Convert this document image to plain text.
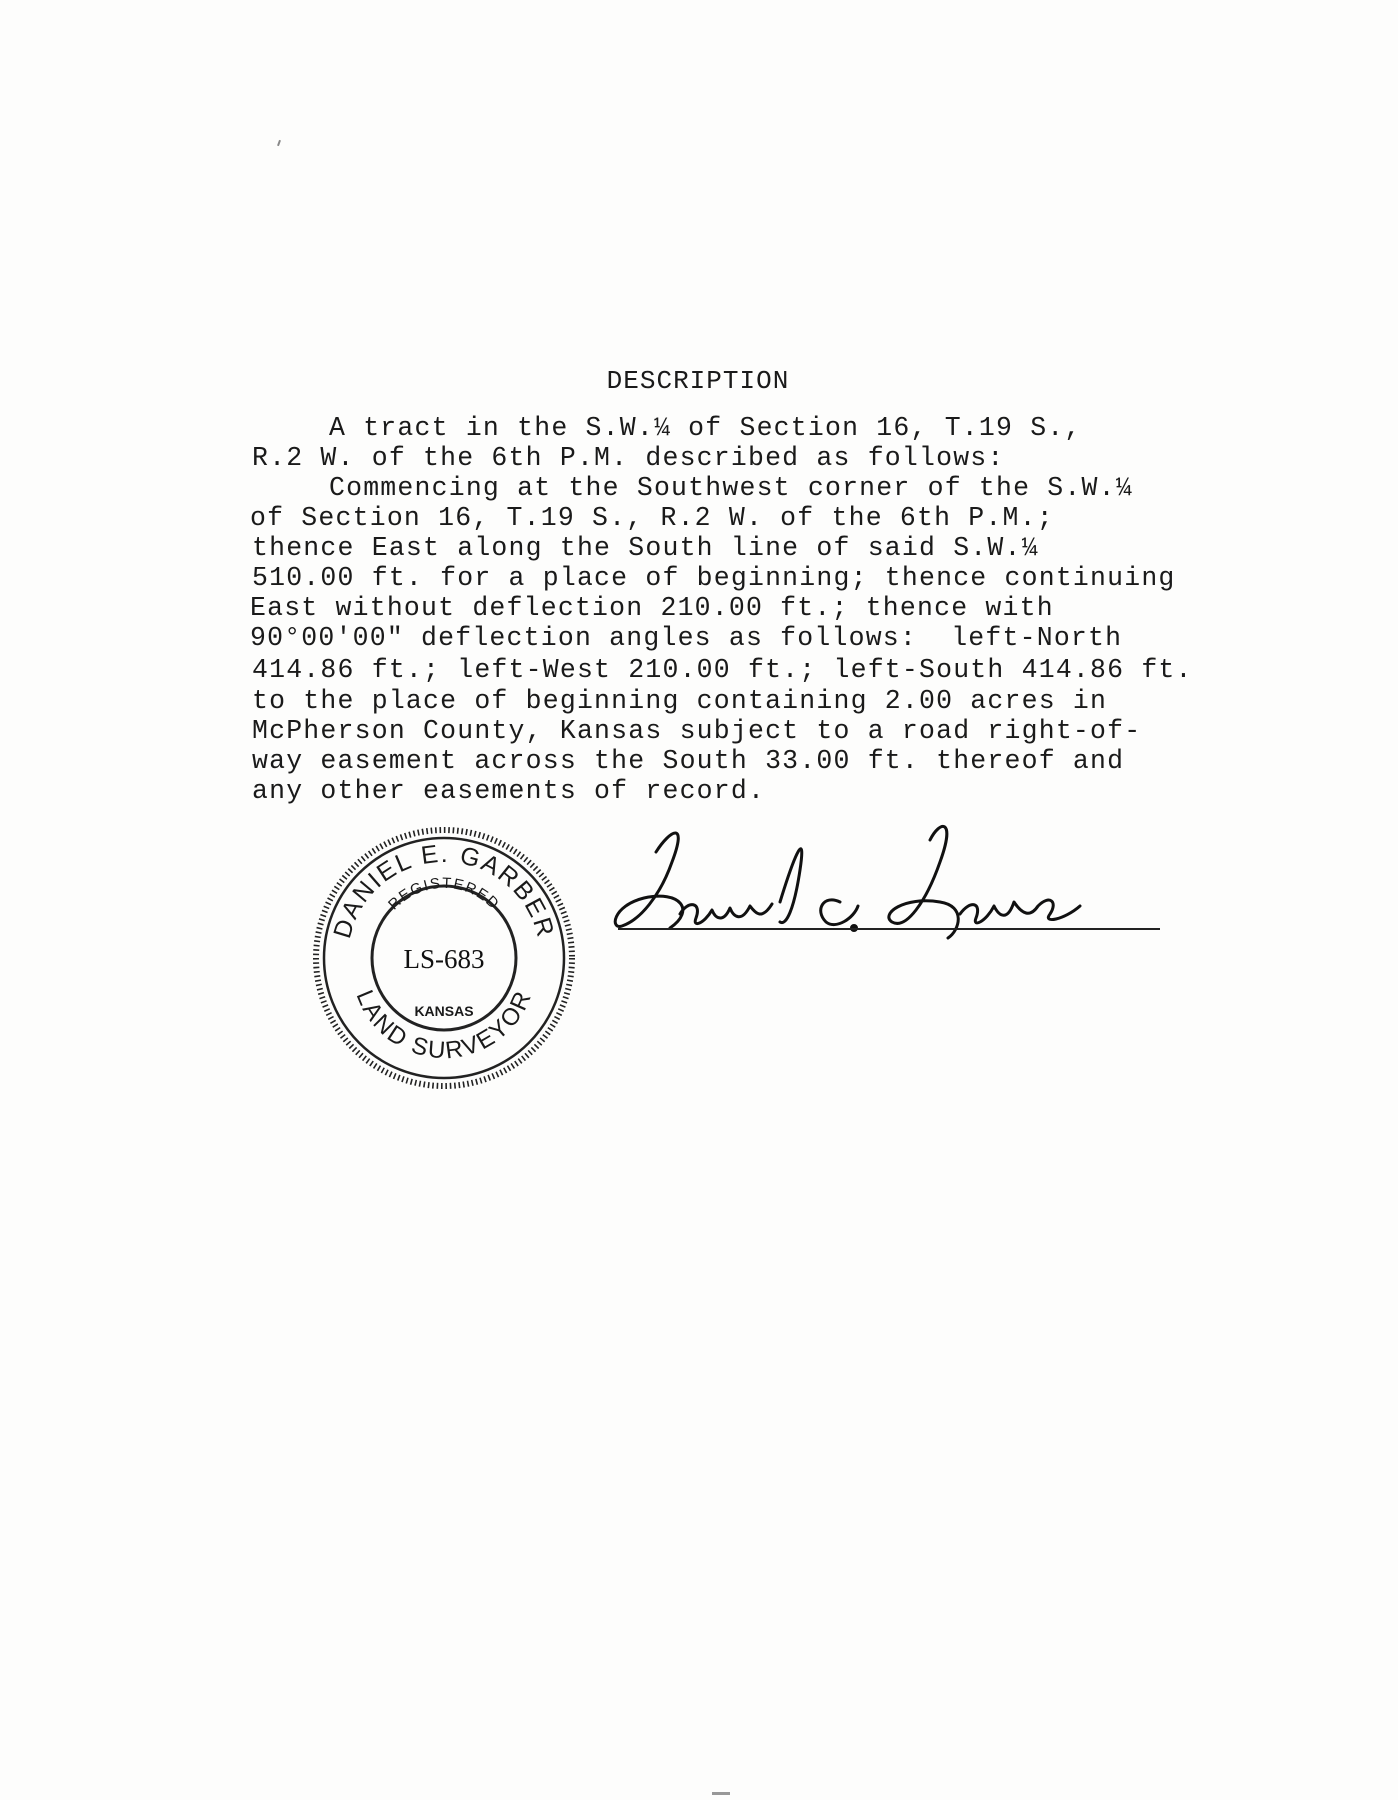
DESCRIPTION
A tract in the S.W.¼ of Section 16, T.19 S.,
R.2 W. of the 6th P.M. described as follows:
Commencing at the Southwest corner of the S.W.¼
of Section 16, T.19 S., R.2 W. of the 6th P.M.;
thence East along the South line of said S.W.¼
510.00 ft. for a place of beginning; thence continuing
East without deflection 210.00 ft.; thence with
90°00'00" deflection angles as follows:  left-North
414.86 ft.; left-West 210.00 ft.; left-South 414.86 ft.
to the place of beginning containing 2.00 acres in
McPherson County, Kansas subject to a road right-of-
way easement across the South 33.00 ft. thereof and
any other easements of record.
DANIEL E. GARBER
REGISTERED
LS-683
KANSAS
LAND SURVEYOR
Daniel E. Garber
